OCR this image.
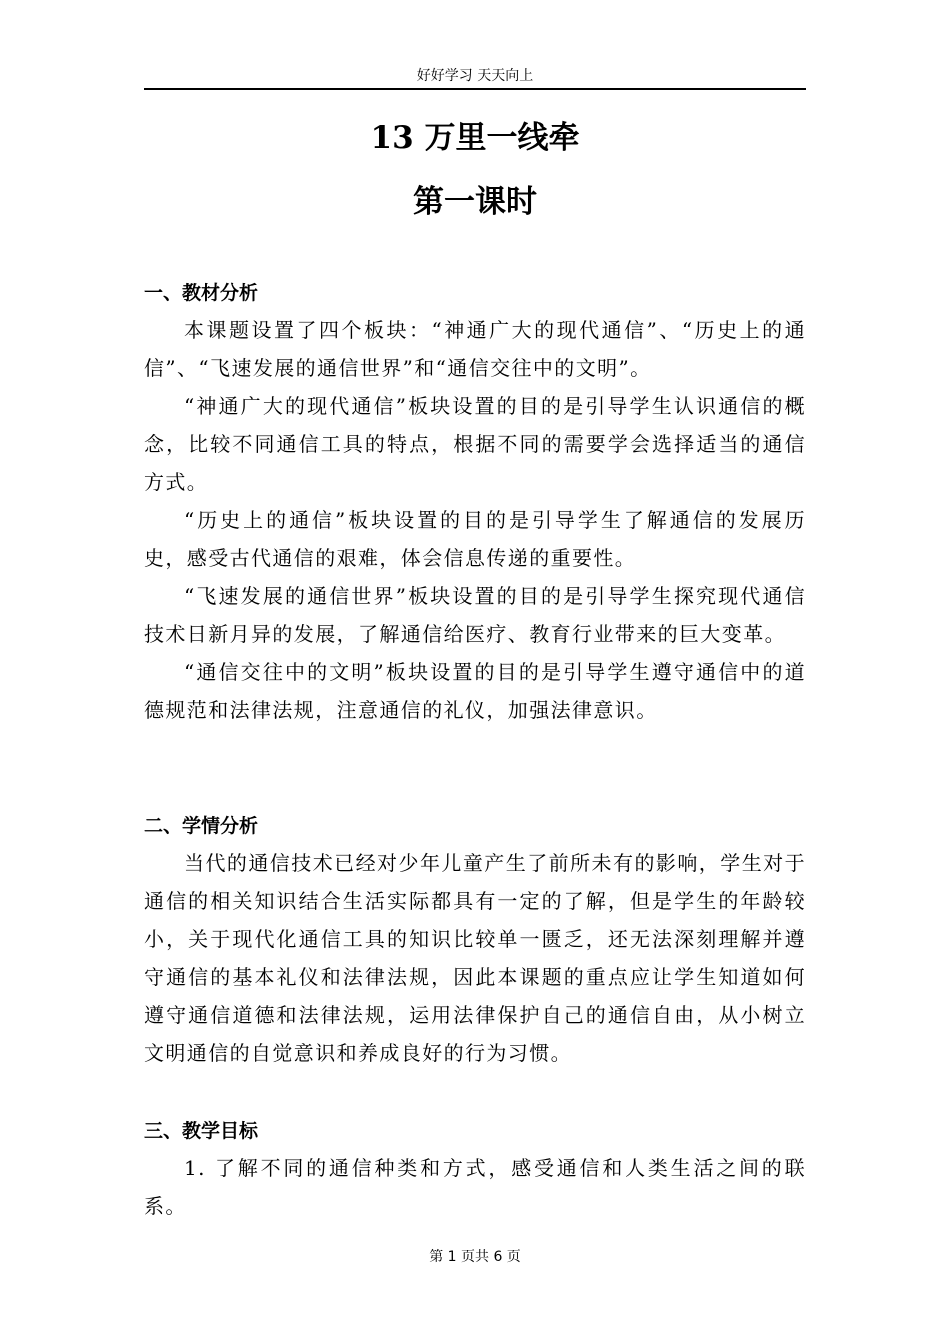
好好学习 天天向上
13 万里一线牵
第一课时
一、教材分析

本课题设置了四个板块：“神通广大的现代通信”、“历史上的通信”、“飞速发展的通信世界”和“通信交往中的文明”。

“神通广大的现代通信”板块设置的目的是引导学生认识通信的概念，比较不同通信工具的特点，根据不同的需要学会选择适当的通信方式。

“历史上的通信”板块设置的目的是引导学生了解通信的发展历史，感受古代通信的艰难，体会信息传递的重要性。

“飞速发展的通信世界”板块设置的目的是引导学生探究现代通信技术日新月异的发展，了解通信给医疗、教育行业带来的巨大变革。

“通信交往中的文明”板块设置的目的是引导学生遵守通信中的道德规范和法律法规，注意通信的礼仪，加强法律意识。

二、学情分析

当代的通信技术已经对少年儿童产生了前所未有的影响，学生对于通信的相关知识结合生活实际都具有一定的了解，但是学生的年龄较小，关于现代化通信工具的知识比较单一匮乏，还无法深刻理解并遵守通信的基本礼仪和法律法规，因此本课题的重点应让学生知道如何遵守通信道德和法律法规，运用法律保护自己的通信自由，从小树立文明通信的自觉意识和养成良好的行为习惯。

三、教学目标

1. 了解不同的通信种类和方式，感受通信和人类生活之间的联系。

第 1 页共 6 页
